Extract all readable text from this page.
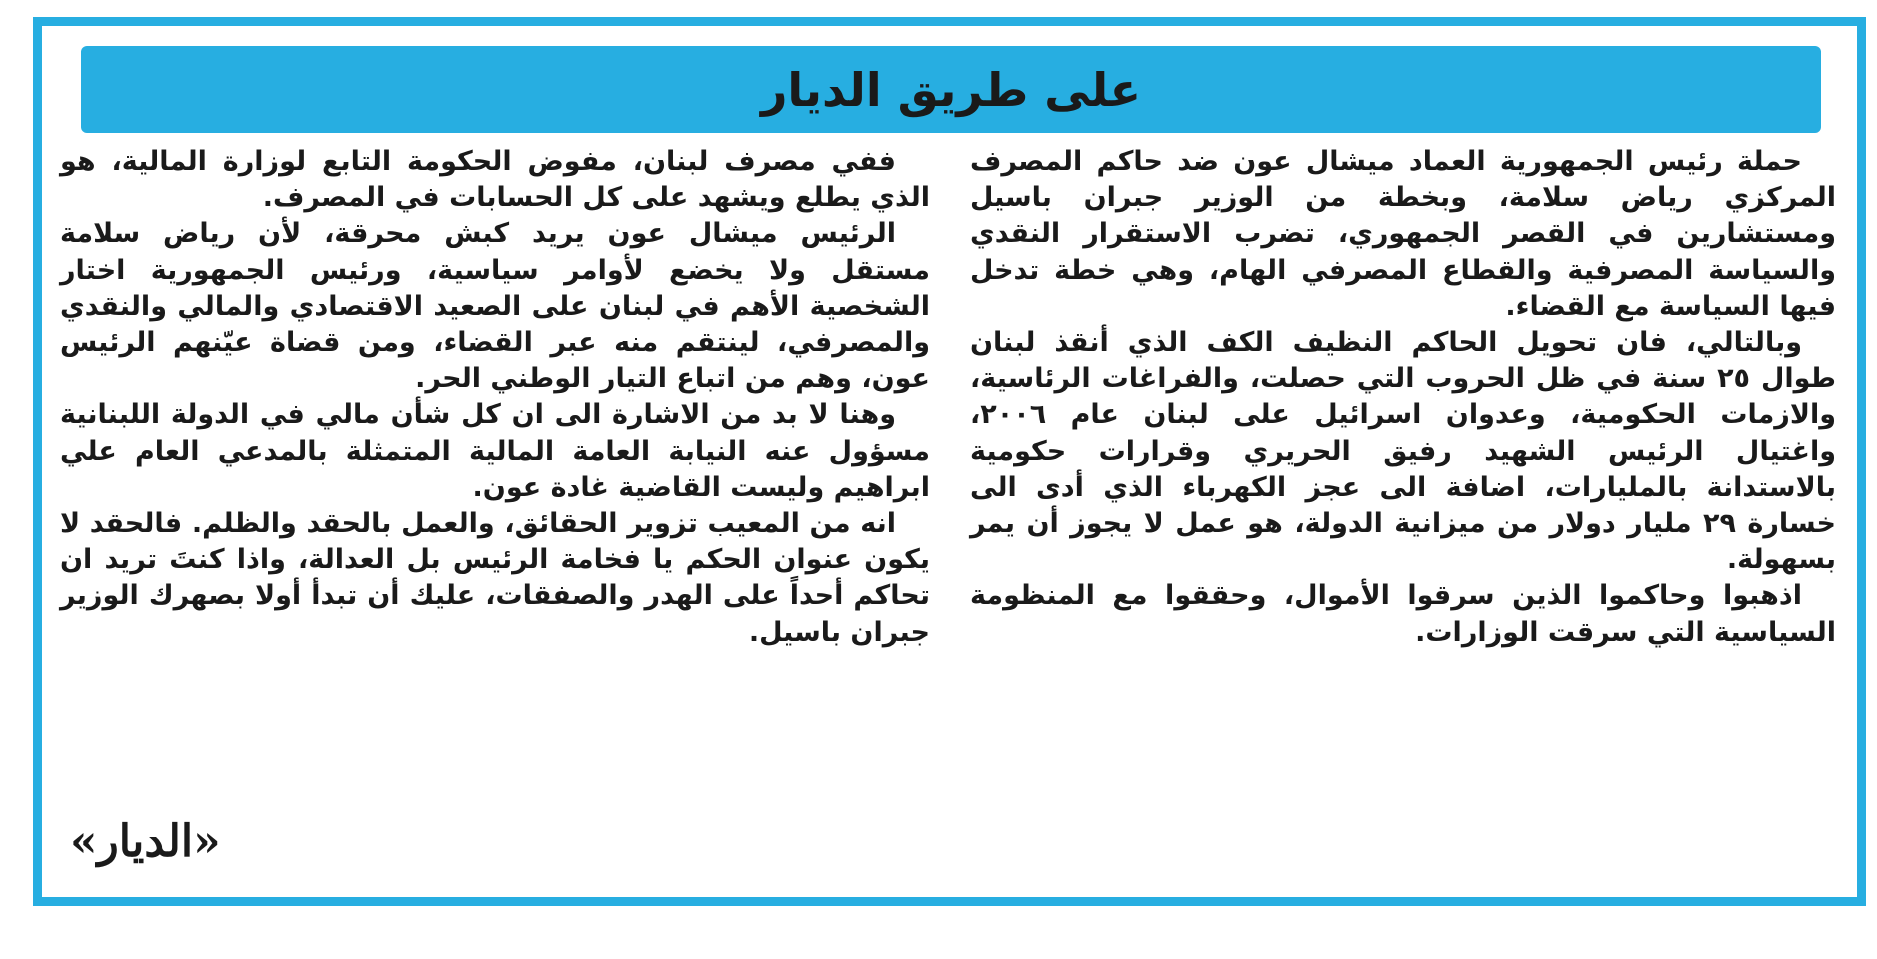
على طريق الديار

حملة رئيس الجمهورية العماد ميشال عون ضد حاكم المصرف المركزي رياض سلامة، وبخطة من الوزير جبران باسيل ومستشارين في القصر الجمهوري، تضرب الاستقرار النقدي والسياسة المصرفية والقطاع المصرفي الهام، وهي خطة تدخل فيها السياسة مع القضاء.

وبالتالي، فان تحويل الحاكم النظيف الكف الذي أنقذ لبنان طوال ٢٥ سنة في ظل الحروب التي حصلت، والفراغات الرئاسية، والازمات الحكومية، وعدوان اسرائيل على لبنان عام ٢٠٠٦، واغتيال الرئيس الشهيد رفيق الحريري وقرارات حكومية بالاستدانة بالمليارات، اضافة الى عجز الكهرباء الذي أدى الى خسارة ٢٩ مليار دولار من ميزانية الدولة، هو عمل لا يجوز أن يمر بسهولة.

اذهبوا وحاكموا الذين سرقوا الأموال، وحققوا مع المنظومة السياسية التي سرقت الوزارات.

ففي مصرف لبنان، مفوض الحكومة التابع لوزارة المالية، هو الذي يطلع ويشهد على كل الحسابات في المصرف.

الرئيس ميشال عون يريد كبش محرقة، لأن رياض سلامة مستقل ولا يخضع لأوامر سياسية، ورئيس الجمهورية اختار الشخصية الأهم في لبنان على الصعيد الاقتصادي والمالي والنقدي والمصرفي، لينتقم منه عبر القضاء، ومن قضاة عيّنهم الرئيس عون، وهم من اتباع التيار الوطني الحر.

وهنا لا بد من الاشارة الى ان كل شأن مالي في الدولة اللبنانية مسؤول عنه النيابة العامة المالية المتمثلة بالمدعي العام علي ابراهيم وليست القاضية غادة عون.

انه من المعيب تزوير الحقائق، والعمل بالحقد والظلم. فالحقد لا يكون عنوان الحكم يا فخامة الرئيس بل العدالة، واذا كنتَ تريد ان تحاكم أحداً على الهدر والصفقات، عليك أن تبدأ أولا بصهرك الوزير جبران باسيل.

«الديار»
